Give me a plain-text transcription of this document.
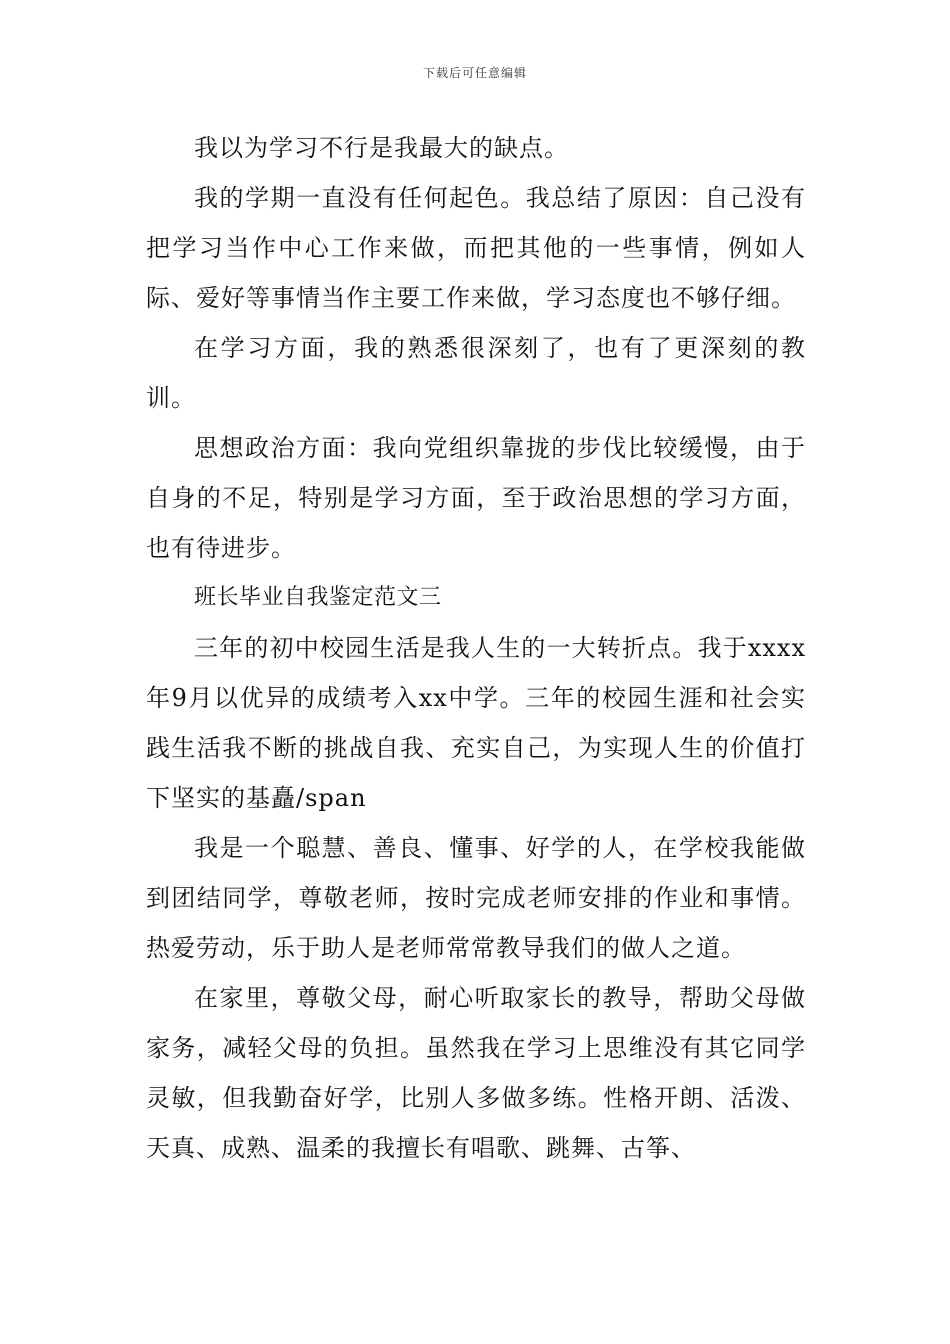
下载后可任意编辑

我以为学习不行是我最大的缺点。

我的学期一直没有任何起色。我总结了原因：自己没有把学习当作中心工作来做，而把其他的一些事情，例如人际、爱好等事情当作主要工作来做，学习态度也不够仔细。

在学习方面，我的熟悉很深刻了，也有了更深刻的教训。

思想政治方面：我向党组织靠拢的步伐比较缓慢，由于自身的不足，特别是学习方面，至于政治思想的学习方面，也有待进步。

班长毕业自我鉴定范文三

三年的初中校园生活是我人生的一大转折点。我于xxxx年9月以优异的成绩考入xx中学。三年的校园生涯和社会实践生活我不断的挑战自我、充实自己，为实现人生的价值打下坚实的基矗/span

我是一个聪慧、善良、懂事、好学的人，在学校我能做到团结同学，尊敬老师，按时完成老师安排的作业和事情。热爱劳动，乐于助人是老师常常教导我们的做人之道。

在家里，尊敬父母，耐心听取家长的教导，帮助父母做家务，减轻父母的负担。虽然我在学习上思维没有其它同学灵敏，但我勤奋好学，比别人多做多练。性格开朗、活泼、天真、成熟、温柔的我擅长有唱歌、跳舞、古筝、
